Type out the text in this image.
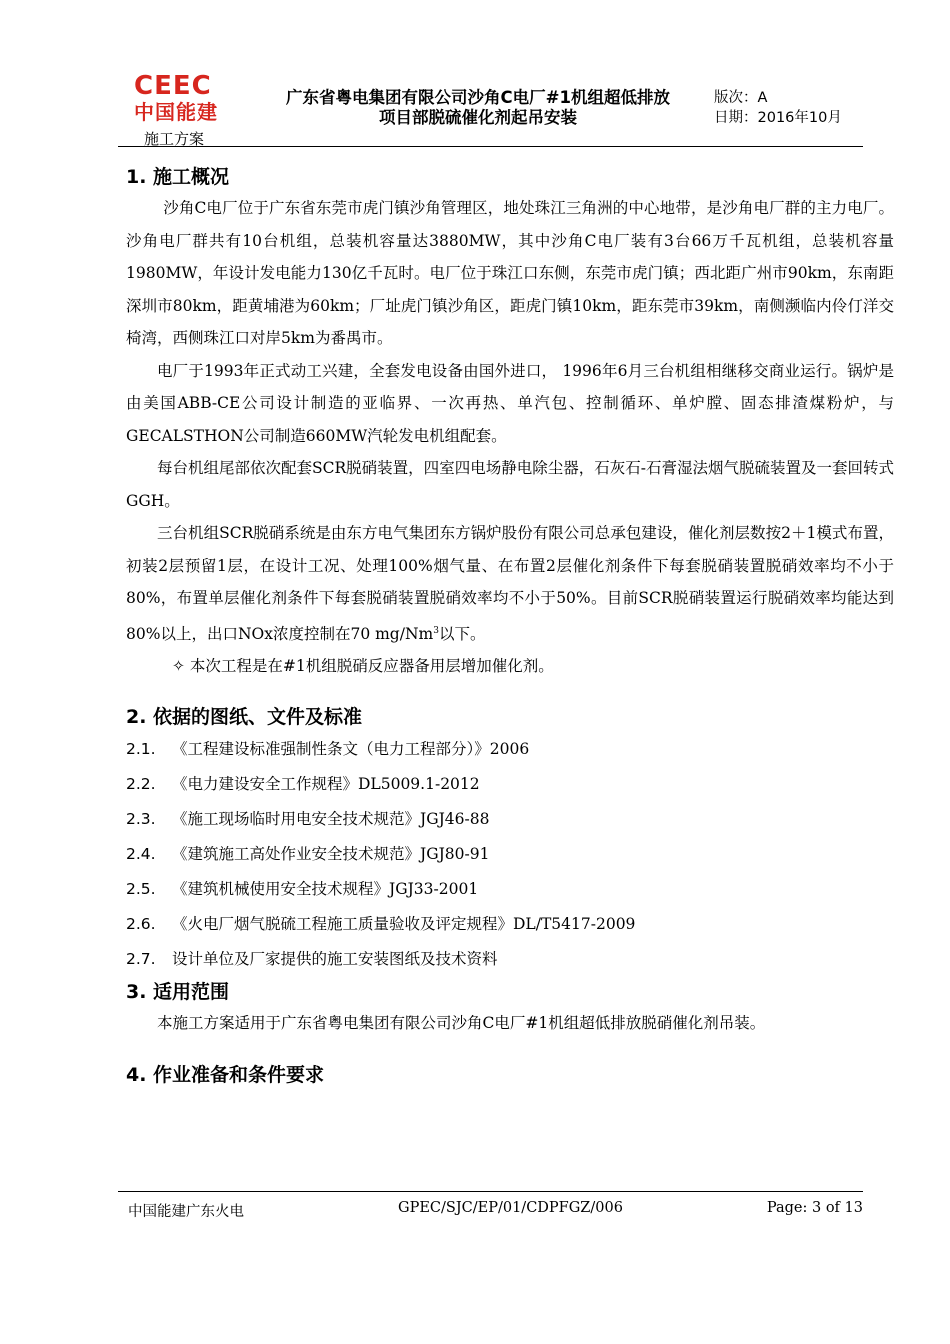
CEEC
中国能建
施工方案
广东省粤电集团有限公司沙角C电厂#1机组超低排放
项目部脱硫催化剂起吊安装
版次：A
日期：2016年10月
1. 施工概况

沙角C电厂位于广东省东莞市虎门镇沙角管理区，地处珠江三角洲的中心地带，是沙角电厂群的主力电厂。沙角电厂群共有10台机组，总装机容量达3880MW，其中沙角C电厂装有3台66万千瓦机组，总装机容量1980MW，年设计发电能力130亿千瓦时。电厂位于珠江口东侧，东莞市虎门镇；西北距广州市90km，东南距深圳市80km，距黄埔港为60km；厂址虎门镇沙角区，距虎门镇10km，距东莞市39km，南侧濒临内伶仃洋交椅湾，西侧珠江口对岸5km为番禺市。

电厂于1993年正式动工兴建，全套发电设备由国外进口， 1996年6月三台机组相继移交商业运行。锅炉是由美国ABB-CE公司设计制造的亚临界、一次再热、单汽包、控制循环、单炉膛、固态排渣煤粉炉，与GECALSTHON公司制造660MW汽轮发电机组配套。

每台机组尾部依次配套SCR脱硝装置，四室四电场静电除尘器，石灰石-石膏湿法烟气脱硫装置及一套回转式GGH。

三台机组SCR脱硝系统是由东方电气集团东方锅炉股份有限公司总承包建设，催化剂层数按2＋1模式布置，初装2层预留1层，在设计工况、处理100%烟气量、在布置2层催化剂条件下每套脱硝装置脱硝效率均不小于80%，布置单层催化剂条件下每套脱硝装置脱硝效率均不小于50%。目前SCR脱硝装置运行脱硝效率均能达到80%以上，出口NOx浓度控制在70 mg/Nm$^3$以下。

✧ 本次工程是在#1机组脱硝反应器备用层增加催化剂。
2. 依据的图纸、文件及标准
2.1. 《工程建设标准强制性条文（电力工程部分）》2006
2.2. 《电力建设安全工作规程》DL5009.1-2012
2.3. 《施工现场临时用电安全技术规范》JGJ46-88
2.4. 《建筑施工高处作业安全技术规范》JGJ80-91
2.5. 《建筑机械使用安全技术规程》JGJ33-2001
2.6. 《火电厂烟气脱硫工程施工质量验收及评定规程》DL/T5417-2009
2.7. 设计单位及厂家提供的施工安装图纸及技术资料
3. 适用范围

本施工方案适用于广东省粤电集团有限公司沙角C电厂#1机组超低排放脱硝催化剂吊装。

4. 作业准备和条件要求
中国能建广东火电	GPEC/SJC/EP/01/CDPFGZ/006	Page: 3 of 13
